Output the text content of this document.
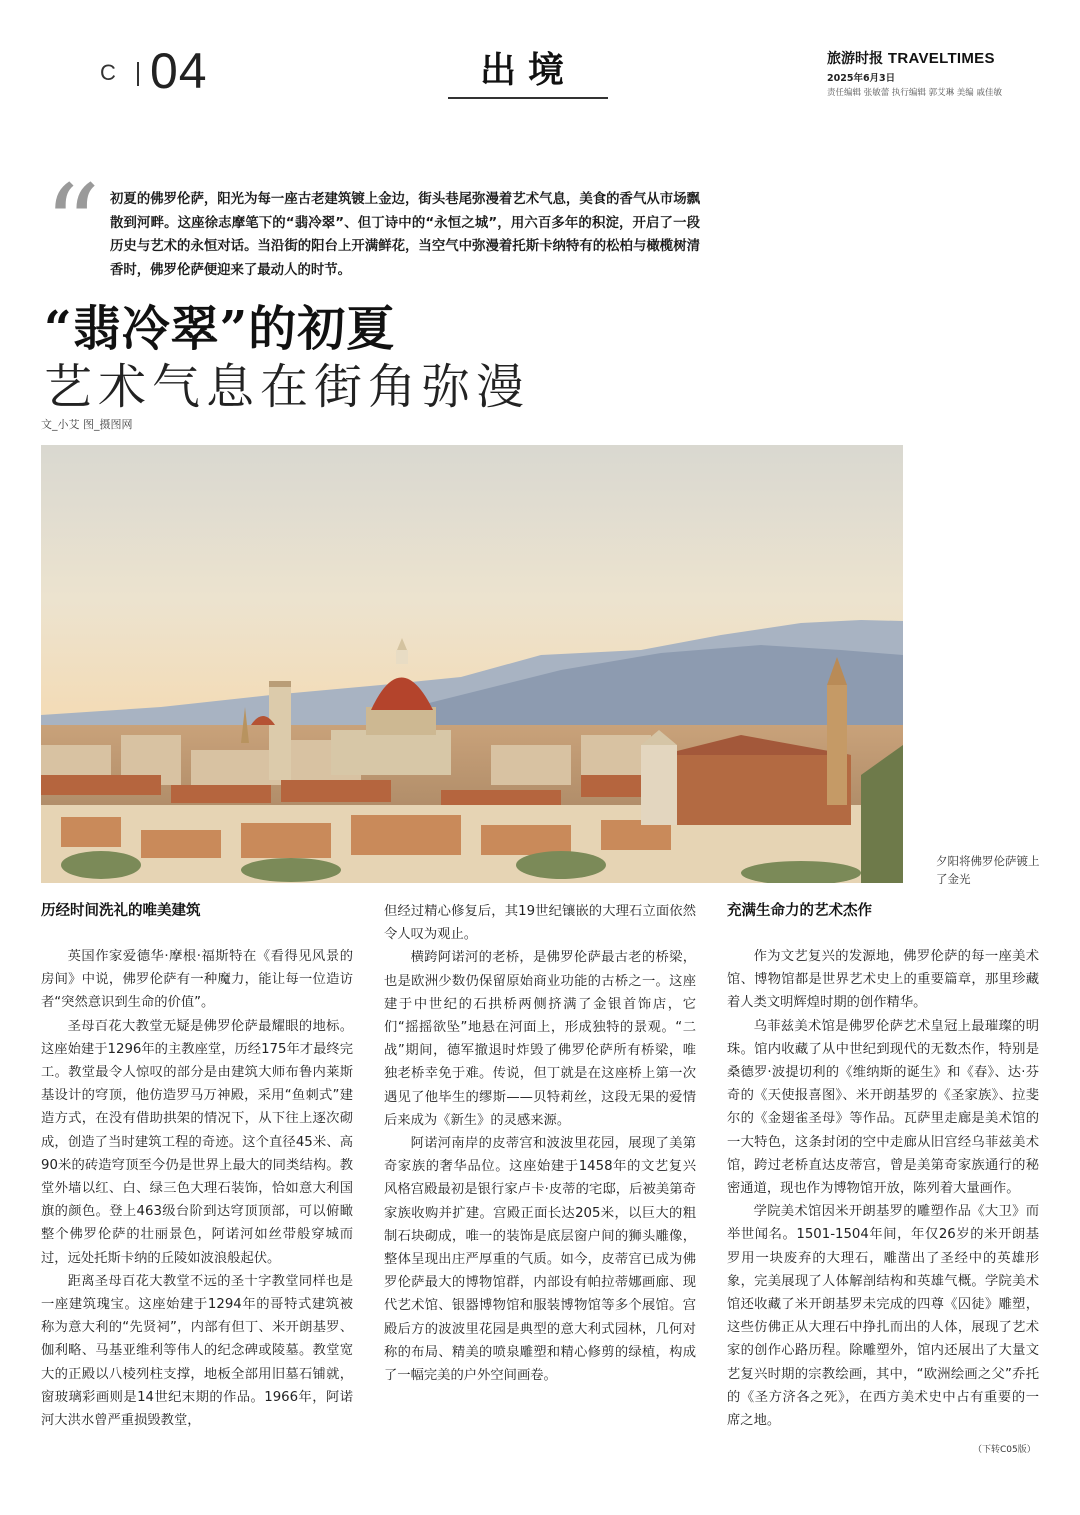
C 04	出境	旅游时报 TRAVELTIMES
2025年6月3日
责任编辑 张敏蕾 执行编辑 郭艾琳 美编 戚佳敏
“ 初夏的佛罗伦萨，阳光为每一座古老建筑镀上金边，街头巷尾弥漫着艺术气息，美食的香气从市场飘散到河畔。这座徐志摩笔下的“翡冷翠”、但丁诗中的“永恒之城”，用六百多年的积淀，开启了一段历史与艺术的永恒对话。当沿街的阳台上开满鲜花，当空气中弥漫着托斯卡纳特有的松柏与橄榄树清香时，佛罗伦萨便迎来了最动人的时节。
“翡冷翠”的初夏
艺术气息在街角弥漫
文_小艾 图_摄图网
夕阳将佛罗伦萨镀上了金光
历经时间洗礼的唯美建筑

英国作家爱德华·摩根·福斯特在《看得见风景的房间》中说，佛罗伦萨有一种魔力，能让每一位造访者“突然意识到生命的价值”。

圣母百花大教堂无疑是佛罗伦萨最耀眼的地标。这座始建于1296年的主教座堂，历经175年才最终完工。教堂最令人惊叹的部分是由建筑大师布鲁内莱斯基设计的穹顶，他仿造罗马万神殿，采用“鱼刺式”建造方式，在没有借助拱架的情况下，从下往上逐次砌成，创造了当时建筑工程的奇迹。这个直径45米、高90米的砖造穹顶至今仍是世界上最大的同类结构。教堂外墙以红、白、绿三色大理石装饰，恰如意大利国旗的颜色。登上463级台阶到达穹顶顶部，可以俯瞰整个佛罗伦萨的壮丽景色，阿诺河如丝带般穿城而过，远处托斯卡纳的丘陵如波浪般起伏。

距离圣母百花大教堂不远的圣十字教堂同样也是一座建筑瑰宝。这座始建于1294年的哥特式建筑被称为意大利的“先贤祠”，内部有但丁、米开朗基罗、伽利略、马基亚维利等伟人的纪念碑或陵墓。教堂宽大的正殿以八棱列柱支撑，地板全部用旧墓石铺就，窗玻璃彩画则是14世纪末期的作品。1966年，阿诺河大洪水曾严重损毁教堂，

但经过精心修复后，其19世纪镶嵌的大理石立面依然令人叹为观止。

横跨阿诺河的老桥，是佛罗伦萨最古老的桥梁，也是欧洲少数仍保留原始商业功能的古桥之一。这座建于中世纪的石拱桥两侧挤满了金银首饰店，它们“摇摇欲坠”地悬在河面上，形成独特的景观。“二战”期间，德军撤退时炸毁了佛罗伦萨所有桥梁，唯独老桥幸免于难。传说，但丁就是在这座桥上第一次遇见了他毕生的缪斯——贝特莉丝，这段无果的爱情后来成为《新生》的灵感来源。

阿诺河南岸的皮蒂宫和波波里花园，展现了美第奇家族的奢华品位。这座始建于1458年的文艺复兴风格宫殿最初是银行家卢卡·皮蒂的宅邸，后被美第奇家族收购并扩建。宫殿正面长达205米，以巨大的粗制石块砌成，唯一的装饰是底层窗户间的狮头雕像，整体呈现出庄严厚重的气质。如今，皮蒂宫已成为佛罗伦萨最大的博物馆群，内部设有帕拉蒂娜画廊、现代艺术馆、银器博物馆和服装博物馆等多个展馆。宫殿后方的波波里花园是典型的意大利式园林，几何对称的布局、精美的喷泉雕塑和精心修剪的绿植，构成了一幅完美的户外空间画卷。

充满生命力的艺术杰作

作为文艺复兴的发源地，佛罗伦萨的每一座美术馆、博物馆都是世界艺术史上的重要篇章，那里珍藏着人类文明辉煌时期的创作精华。

乌菲兹美术馆是佛罗伦萨艺术皇冠上最璀璨的明珠。馆内收藏了从中世纪到现代的无数杰作，特别是桑德罗·波提切利的《维纳斯的诞生》和《春》、达·芬奇的《天使报喜图》、米开朗基罗的《圣家族》、拉斐尔的《金翅雀圣母》等作品。瓦萨里走廊是美术馆的一大特色，这条封闭的空中走廊从旧宫经乌菲兹美术馆，跨过老桥直达皮蒂宫，曾是美第奇家族通行的秘密通道，现也作为博物馆开放，陈列着大量画作。

学院美术馆因米开朗基罗的雕塑作品《大卫》而举世闻名。1501-1504年间，年仅26岁的米开朗基罗用一块废弃的大理石，雕凿出了圣经中的英雄形象，完美展现了人体解剖结构和英雄气概。学院美术馆还收藏了米开朗基罗未完成的四尊《囚徒》雕塑，这些仿佛正从大理石中挣扎而出的人体，展现了艺术家的创作心路历程。除雕塑外，馆内还展出了大量文艺复兴时期的宗教绘画，其中，“欧洲绘画之父”乔托的《圣方济各之死》，在西方美术史中占有重要的一席之地。

（下转C05版）
